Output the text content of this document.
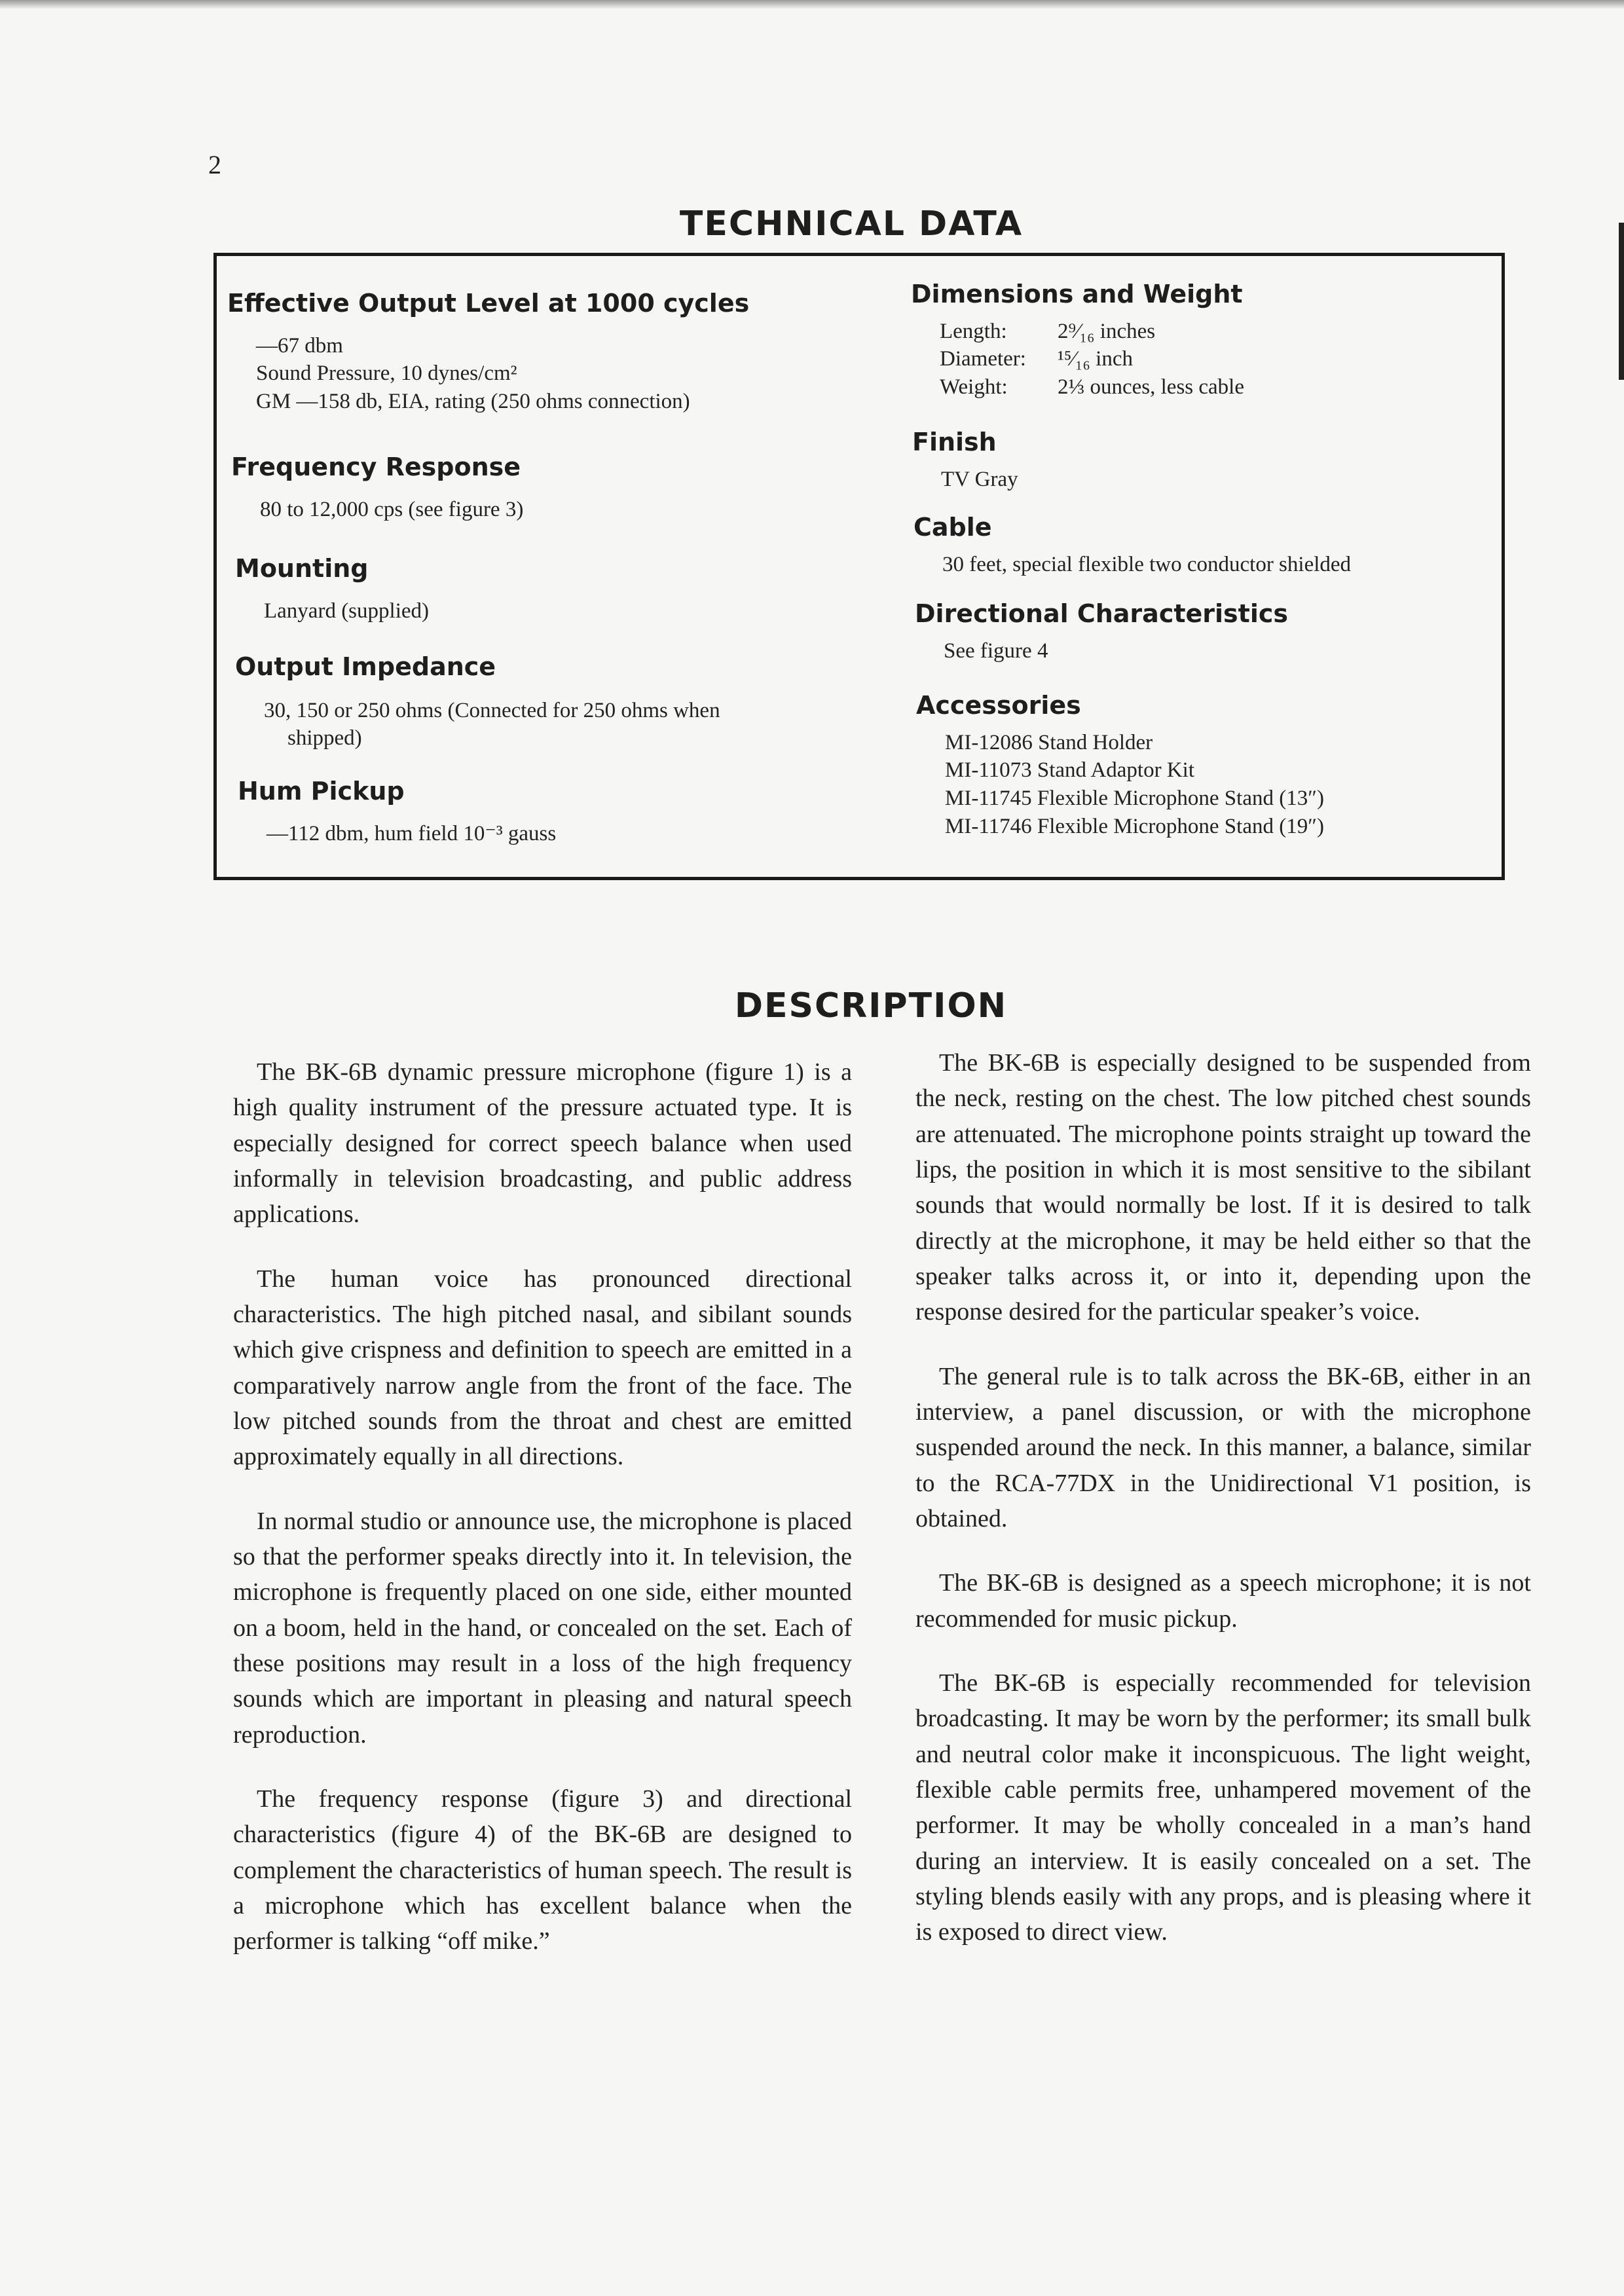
2
TECHNICAL DATA

Effective Output Level at 1000 cycles

—67 dbm

Sound Pressure, 10 dynes/cm²

GM —158 db, EIA, rating (250 ohms connection)

Frequency Response

80 to 12,000 cps (see figure 3)

Mounting

Lanyard (supplied)

Output Impedance

30, 150 or 250 ohms (Connected for 250 ohms when

shipped)

Hum Pickup

—112 dbm, hum field 10⁻³ gauss

Dimensions and Weight

Length:	2⁹⁄₁₆ inches
Diameter:	¹⁵⁄₁₆ inch
Weight:	2⅓ ounces, less cable

Finish

TV Gray

Cable

30 feet, special flexible two conductor shielded

Directional Characteristics

See figure 4

Accessories

MI-12086 Stand Holder

MI-11073 Stand Adaptor Kit

MI-11745 Flexible Microphone Stand (13″)

MI-11746 Flexible Microphone Stand (19″)

DESCRIPTION

The BK-6B dynamic pressure microphone (figure 1) is a high quality instrument of the pressure actuated type. It is especially designed for correct speech balance when used informally in television broadcasting, and public address applications.

The human voice has pronounced directional characteristics. The high pitched nasal, and sibilant sounds which give crispness and definition to speech are emitted in a comparatively narrow angle from the front of the face. The low pitched sounds from the throat and chest are emitted approximately equally in all directions.

In normal studio or announce use, the microphone is placed so that the performer speaks directly into it. In television, the microphone is frequently placed on one side, either mounted on a boom, held in the hand, or concealed on the set. Each of these positions may result in a loss of the high frequency sounds which are important in pleasing and natural speech reproduction.

The frequency response (figure 3) and directional characteristics (figure 4) of the BK-6B are designed to complement the characteristics of human speech. The result is a microphone which has excellent balance when the performer is talking “off mike.”

The BK-6B is especially designed to be suspended from the neck, resting on the chest. The low pitched chest sounds are attenuated. The microphone points straight up toward the lips, the position in which it is most sensitive to the sibilant sounds that would normally be lost. If it is desired to talk directly at the microphone, it may be held either so that the speaker talks across it, or into it, depending upon the response desired for the particular speaker’s voice.

The general rule is to talk across the BK-6B, either in an interview, a panel discussion, or with the microphone suspended around the neck. In this manner, a balance, similar to the RCA-77DX in the Unidirectional V1 position, is obtained.

The BK-6B is designed as a speech microphone; it is not recommended for music pickup.

The BK-6B is especially recommended for television broadcasting. It may be worn by the performer; its small bulk and neutral color make it inconspicuous. The light weight, flexible cable permits free, unhampered movement of the performer. It may be wholly concealed in a man’s hand during an interview. It is easily concealed on a set. The styling blends easily with any props, and is pleasing where it is exposed to direct view.
